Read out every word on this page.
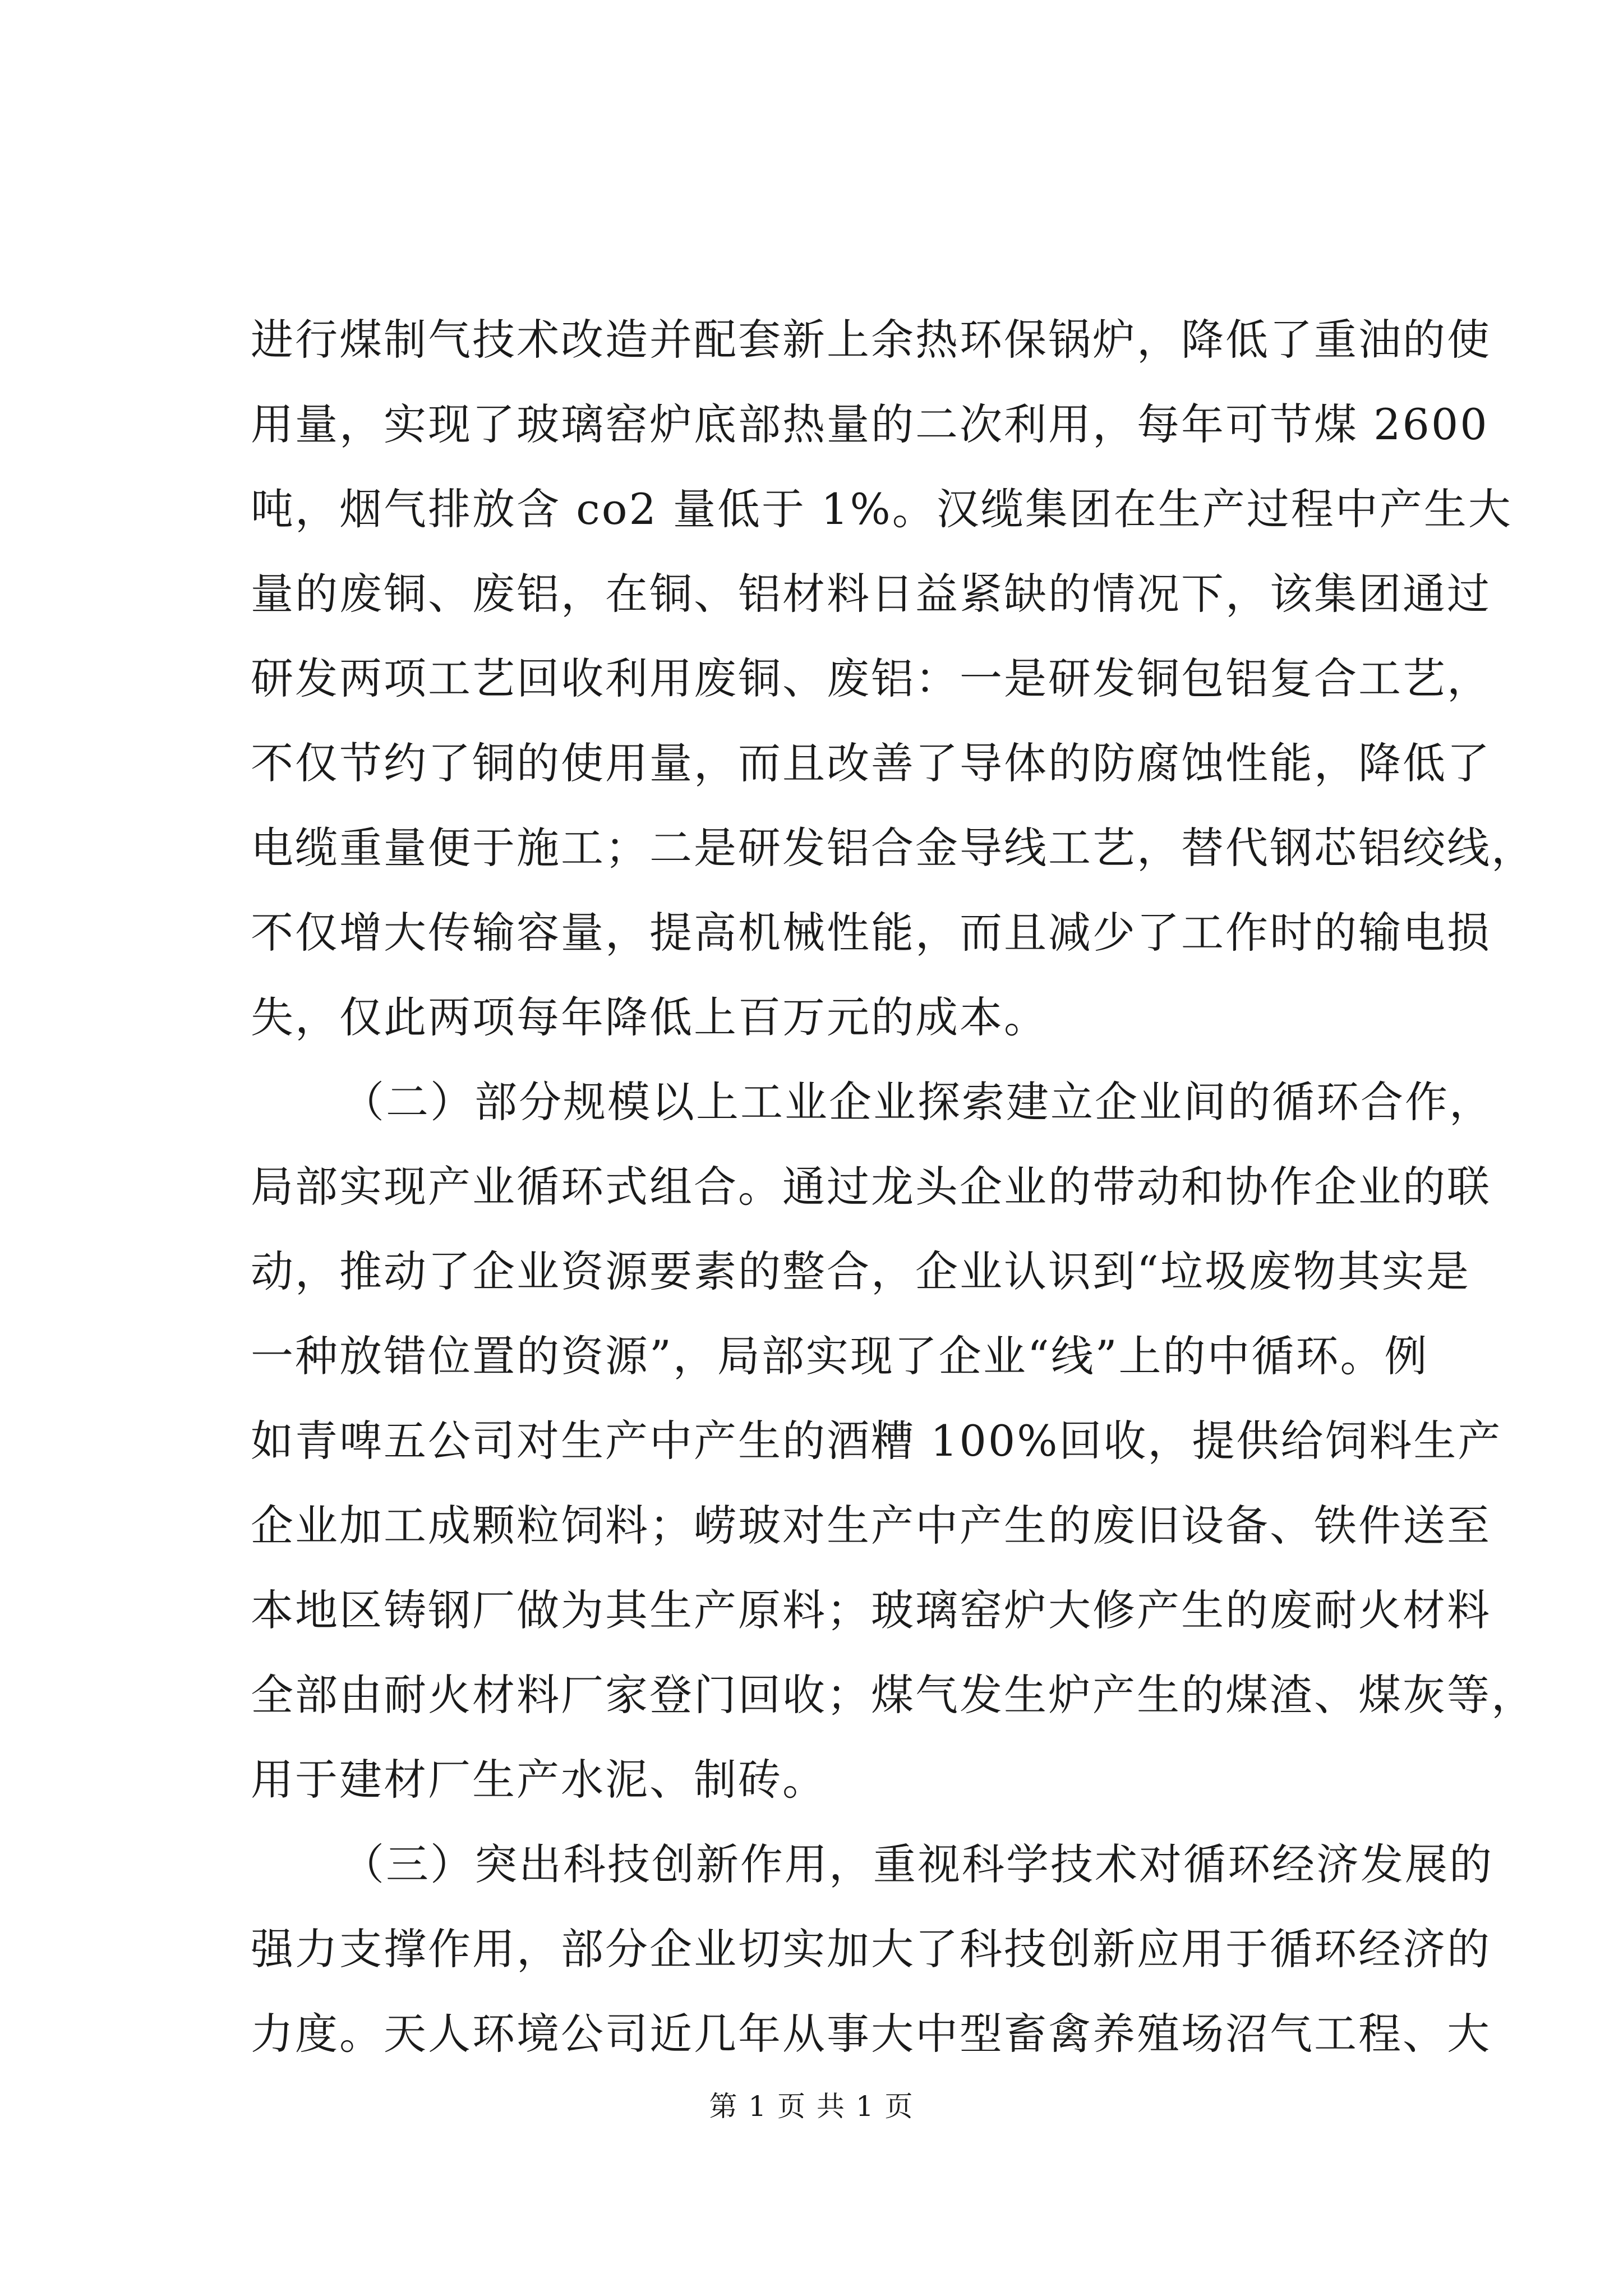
进行煤制气技术改造并配套新上余热环保锅炉，降低了重油的使
用量，实现了玻璃窑炉底部热量的二次利用，每年可节煤 2600
吨，烟气排放含 co2 量低于 1%。汉缆集团在生产过程中产生大
量的废铜、废铝，在铜、铝材料日益紧缺的情况下，该集团通过
研发两项工艺回收利用废铜、废铝：一是研发铜包铝复合工艺，
不仅节约了铜的使用量，而且改善了导体的防腐蚀性能，降低了
电缆重量便于施工；二是研发铝合金导线工艺，替代钢芯铝绞线，
不仅增大传输容量，提高机械性能，而且减少了工作时的输电损
失，仅此两项每年降低上百万元的成本。

（二）部分规模以上工业企业探索建立企业间的循环合作，
局部实现产业循环式组合。通过龙头企业的带动和协作企业的联
动，推动了企业资源要素的整合，企业认识到“垃圾废物其实是
一种放错位置的资源”，局部实现了企业“线”上的中循环。例
如青啤五公司对生产中产生的酒糟 100%回收，提供给饲料生产
企业加工成颗粒饲料；崂玻对生产中产生的废旧设备、铁件送至
本地区铸钢厂做为其生产原料；玻璃窑炉大修产生的废耐火材料
全部由耐火材料厂家登门回收；煤气发生炉产生的煤渣、煤灰等，
用于建材厂生产水泥、制砖。

（三）突出科技创新作用，重视科学技术对循环经济发展的
强力支撑作用，部分企业切实加大了科技创新应用于循环经济的
力度。天人环境公司近几年从事大中型畜禽养殖场沼气工程、大

第 1 页 共 1 页
